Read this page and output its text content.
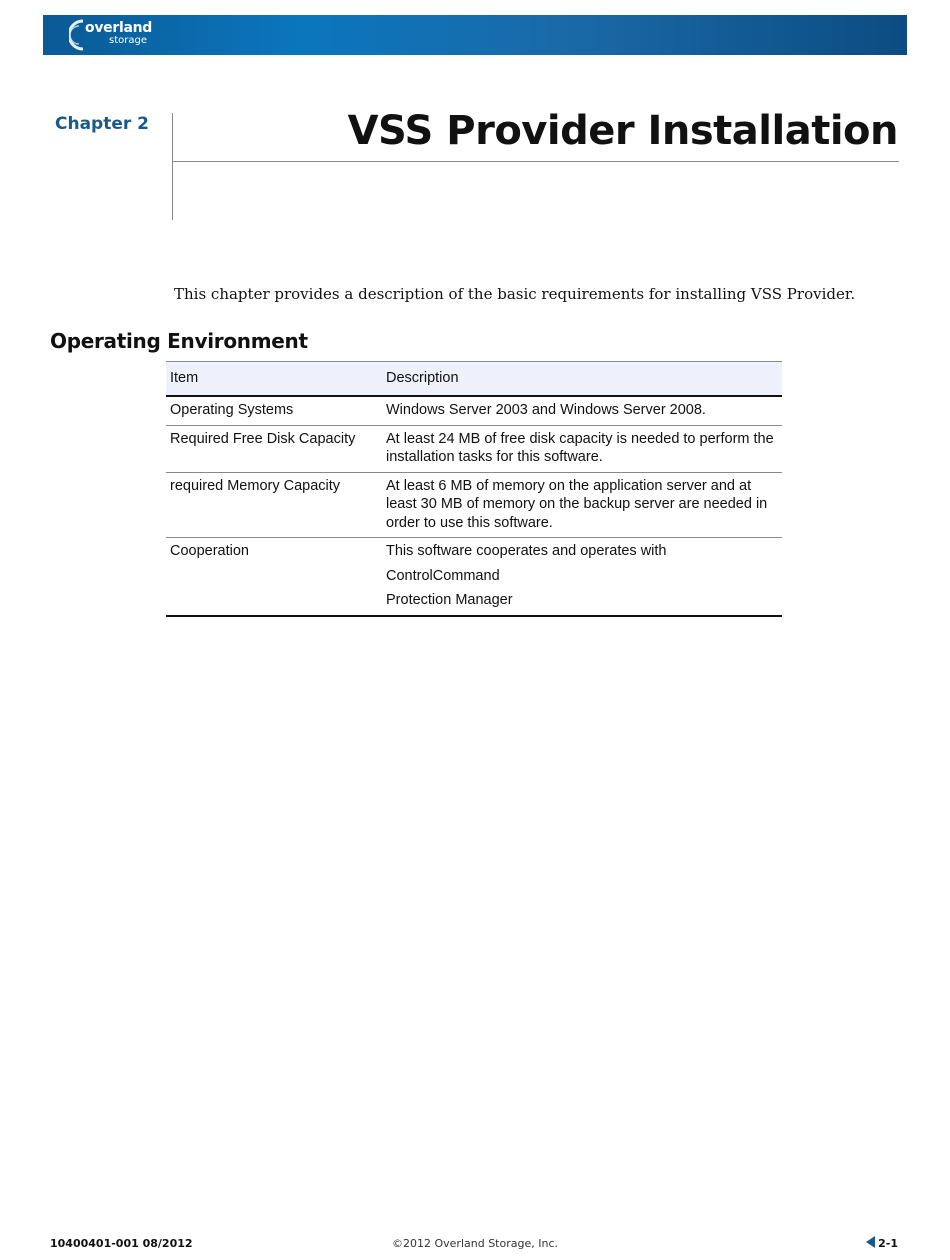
overland
storage
Chapter 2	VSS Provider Installation

This chapter provides a description of the basic requirements for installing VSS Provider.

Operating Environment
Item	Description
Operating Systems	Windows Server 2003 and Windows Server 2008.

Required Free Disk Capacity	At least 24 MB of free disk capacity is needed to perform the installation tasks for this software.

required Memory Capacity	At least 6 MB of memory on the application server and at least 30 MB of memory on the backup server are needed in order to use this software.

Cooperation	This software cooperates and operates with
ControlCommand
Protection Manager
10400401-001 08/2012	©2012 Overland Storage, Inc.	2-1
